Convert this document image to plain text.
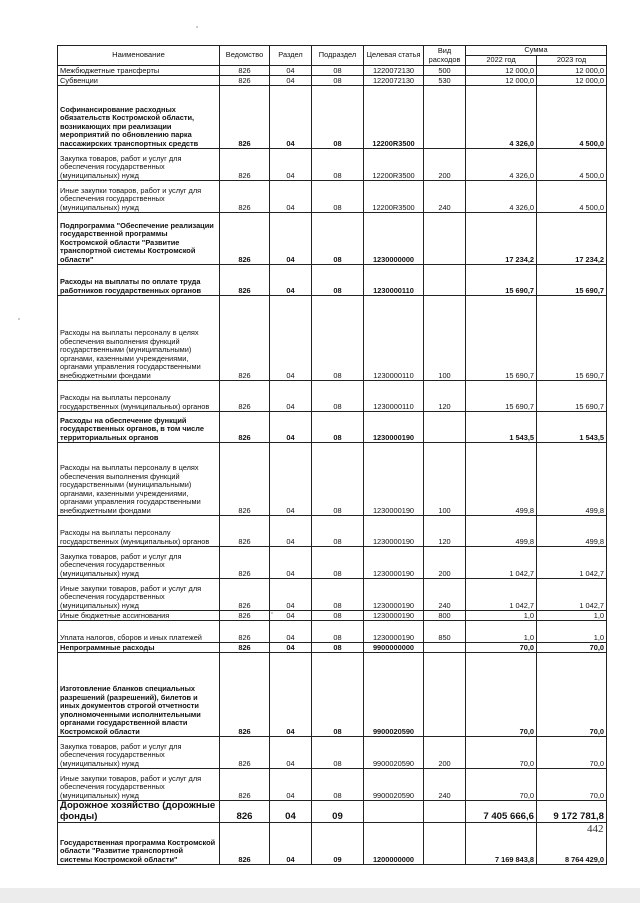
Наименование	Ведомство	Раздел	Подраздел	Целевая статья	Вид расходов	Сумма	
						2022 год	2023 год
Межбюджетные трансферты	826	04	08	1220072130	500	12 000,0	12 000,0
Субвенции	826	04	08	1220072130	530	12 000,0	12 000,0
Софинансирование расходных обязательств Костромской области, возникающих при реализации мероприятий по обновлению парка пассажирских транспортных средств	826	04	08	12200R3500		4 326,0	4 500,0
Закупка товаров, работ и услуг для обеспечения государственных (муниципальных) нужд	826	04	08	12200R3500	200	4 326,0	4 500,0
Иные закупки товаров, работ и услуг для обеспечения государственных (муниципальных) нужд	826	04	08	12200R3500	240	4 326,0	4 500,0
Подпрограмма "Обеспечение реализации государственной программы Костромской области "Развитие транспортной системы Костромской области"	826	04	08	1230000000		17 234,2	17 234,2
Расходы на выплаты по оплате труда работников государственных органов	826	04	08	1230000110		15 690,7	15 690,7
Расходы на выплаты персоналу в целях обеспечения выполнения функций государственными (муниципальными) органами, казенными учреждениями, органами управления государственными внебюджетными фондами	826	04	08	1230000110	100	15 690,7	15 690,7
Расходы на выплаты персоналу государственных (муниципальных) органов	826	04	08	1230000110	120	15 690,7	15 690,7
Расходы на обеспечение функций государственных органов, в том числе территориальных органов	826	04	08	1230000190		1 543,5	1 543,5
Расходы на выплаты персоналу в целях обеспечения выполнения функций государственными (муниципальными) органами, казенными учреждениями, органами управления государственными внебюджетными фондами	826	04	08	1230000190	100	499,8	499,8
Расходы на выплаты персоналу государственных (муниципальных) органов	826	04	08	1230000190	120	499,8	499,8
Закупка товаров, работ и услуг для обеспечения государственных (муниципальных) нужд	826	04	08	1230000190	200	1 042,7	1 042,7
Иные закупки товаров, работ и услуг для обеспечения государственных (муниципальных) нужд	826	04	08	1230000190	240	1 042,7	1 042,7
Иные бюджетные ассигнования	826	04	08	1230000190	800	1,0	1,0
Уплата налогов, сборов и иных платежей	826	04	08	1230000190	850	1,0	1,0
Непрограммные расходы	826	04	08	9900000000		70,0	70,0
Изготовление бланков специальных разрешений (разрешений), билетов и иных документов строгой отчетности уполномоченными исполнительными органами государственной власти Костромской области	826	04	08	9900020590		70,0	70,0
Закупка товаров, работ и услуг для обеспечения государственных (муниципальных) нужд	826	04	08	9900020590	200	70,0	70,0
Иные закупки товаров, работ и услуг для обеспечения государственных (муниципальных) нужд	826	04	08	9900020590	240	70,0	70,0
Дорожное хозяйство (дорожные фонды)	826	04	09			7 405 666,6	9 172 781,8
Государственная программа Костромской области "Развитие транспортной системы Костромской области"	826	04	09	1200000000		7 169 843,8	8 764 429,0
442
